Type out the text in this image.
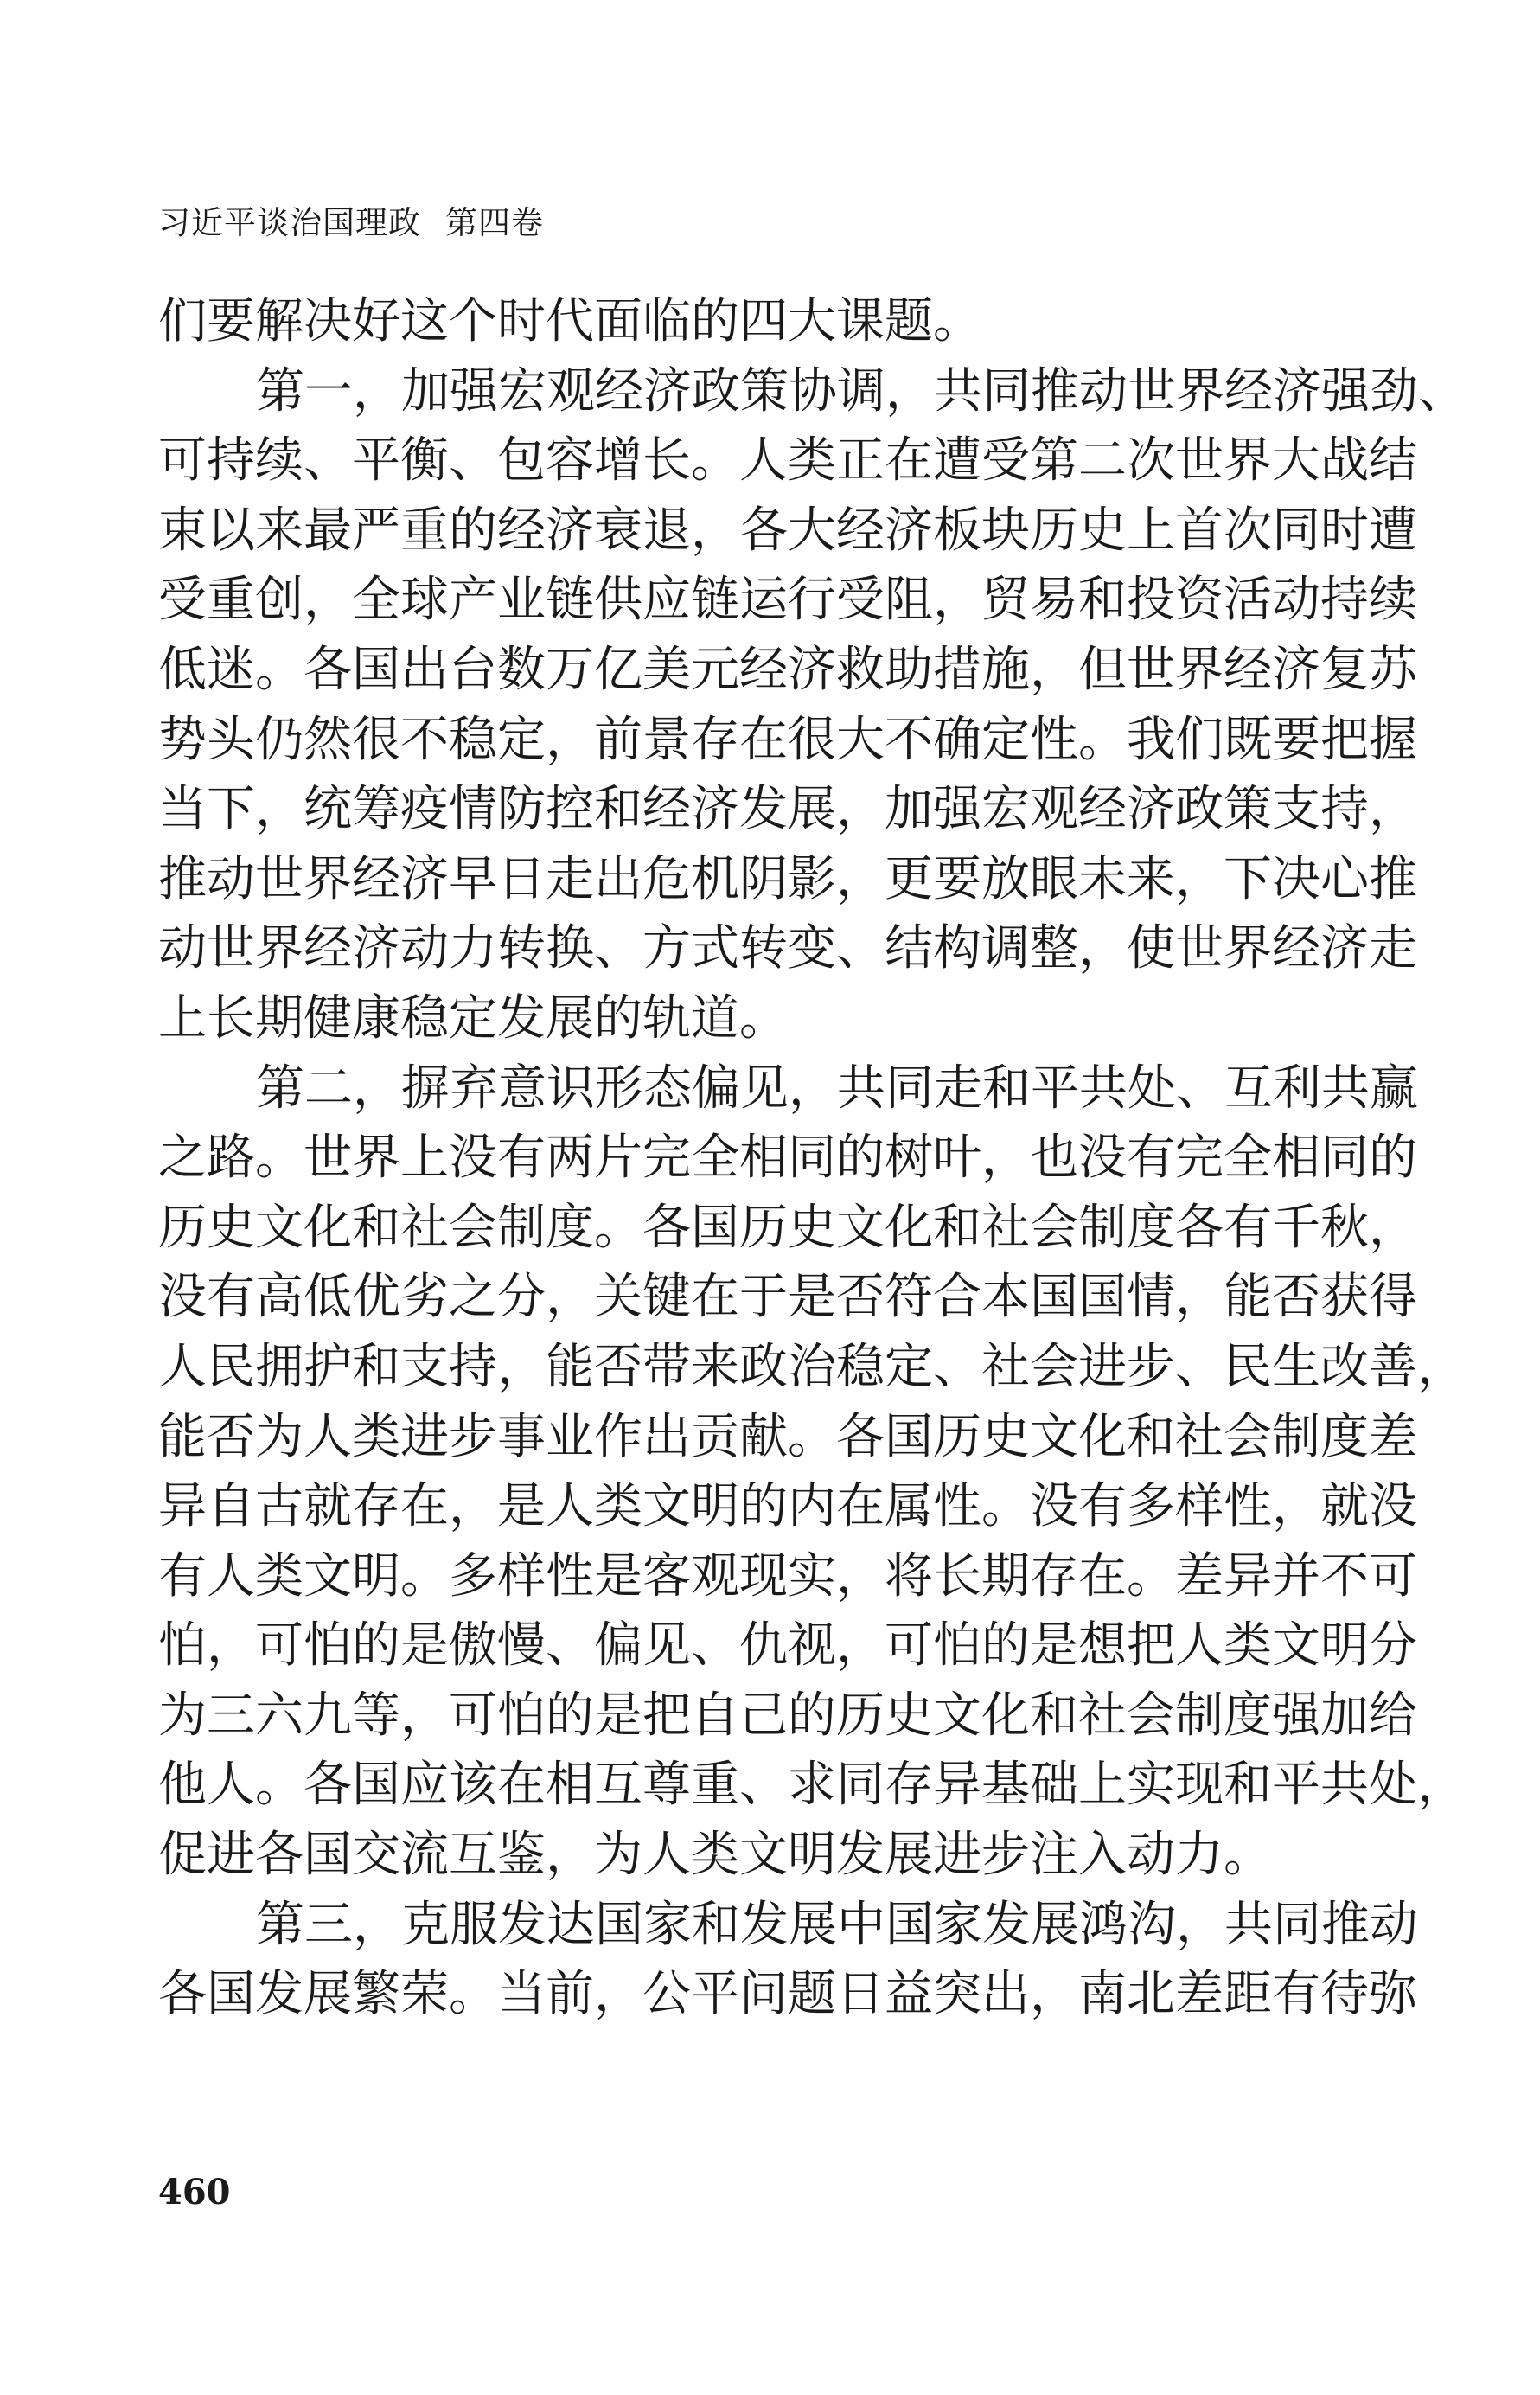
习近平谈治国理政 第四卷
们要解决好这个时代面临的四大课题。
第一，加强宏观经济政策协调，共同推动世界经济强劲、
可持续、平衡、包容增长。人类正在遭受第二次世界大战结
束以来最严重的经济衰退，各大经济板块历史上首次同时遭
受重创，全球产业链供应链运行受阻，贸易和投资活动持续
低迷。各国出台数万亿美元经济救助措施，但世界经济复苏
势头仍然很不稳定，前景存在很大不确定性。我们既要把握
当下，统筹疫情防控和经济发展，加强宏观经济政策支持，
推动世界经济早日走出危机阴影，更要放眼未来，下决心推
动世界经济动力转换、方式转变、结构调整，使世界经济走
上长期健康稳定发展的轨道。
第二，摒弃意识形态偏见，共同走和平共处、互利共赢
之路。世界上没有两片完全相同的树叶，也没有完全相同的
历史文化和社会制度。各国历史文化和社会制度各有千秋，
没有高低优劣之分，关键在于是否符合本国国情，能否获得
人民拥护和支持，能否带来政治稳定、社会进步、民生改善，
能否为人类进步事业作出贡献。各国历史文化和社会制度差
异自古就存在，是人类文明的内在属性。没有多样性，就没
有人类文明。多样性是客观现实，将长期存在。差异并不可
怕，可怕的是傲慢、偏见、仇视，可怕的是想把人类文明分
为三六九等，可怕的是把自己的历史文化和社会制度强加给
他人。各国应该在相互尊重、求同存异基础上实现和平共处，
促进各国交流互鉴，为人类文明发展进步注入动力。
第三，克服发达国家和发展中国家发展鸿沟，共同推动
各国发展繁荣。当前，公平问题日益突出，南北差距有待弥
460
